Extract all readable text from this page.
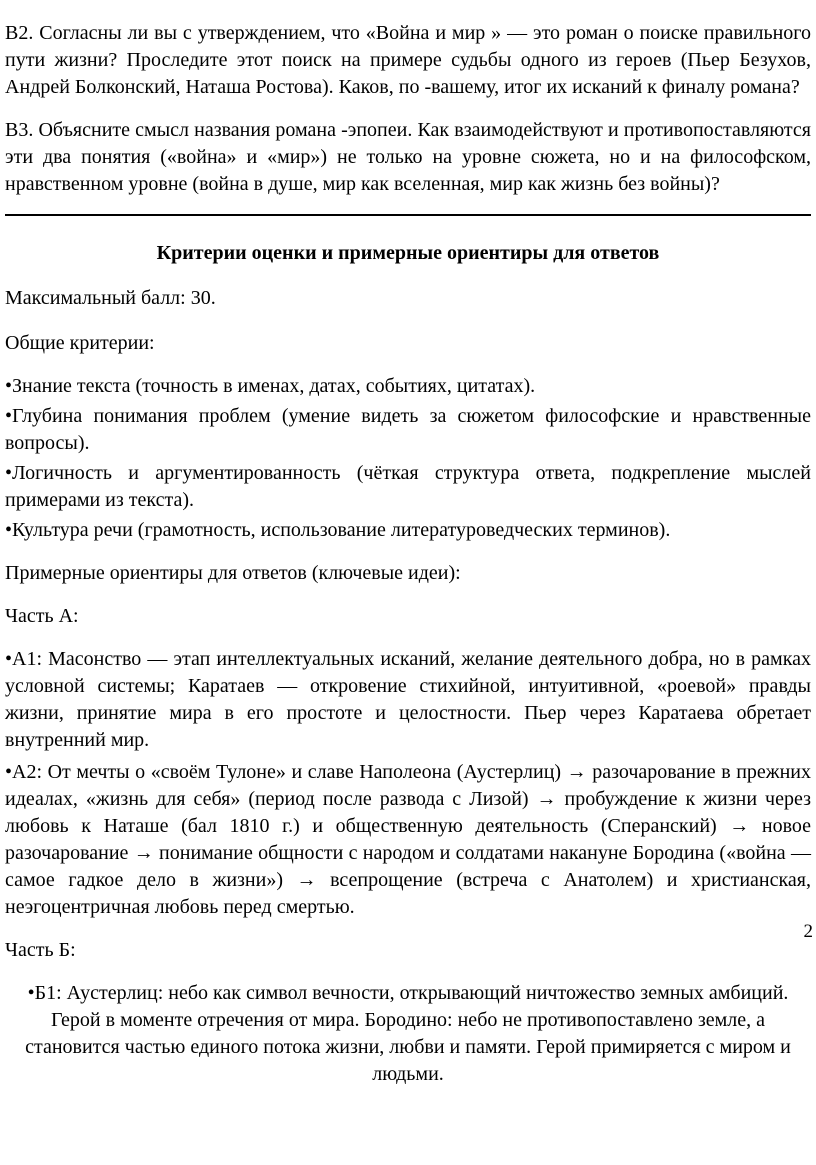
В2. Согласны ли вы с утверждением, что «Война и мир » — это роман о поиске правильного пути жизни? Проследите этот поиск на примере судьбы одного из героев (Пьер Безухов, Андрей Болконский, Наташа Ростова). Каков, по -вашему, итог их исканий к финалу романа?

В3. Объясните смысл названия романа -эпопеи. Как взаимодействуют и противопоставляются эти два понятия («война» и «мир») не только на уровне сюжета, но и на философском, нравственном уровне (война в душе, мир как вселенная, мир как жизнь без войны)?

Критерии оценки и примерные ориентиры для ответов

Максимальный балл: 30.

Общие критерии:

•Знание текста (точность в именах, датах, событиях, цитатах).

•Глубина понимания проблем (умение видеть за сюжетом философские и нравственные вопросы).

•Логичность и аргументированность (чёткая структура ответа, подкрепление мыслей примерами из текста).

•Культура речи (грамотность, использование литературоведческих терминов).

Примерные ориентиры для ответов (ключевые идеи):

Часть А:

•А1: Масонство — этап интеллектуальных исканий, желание деятельного добра, но в рамках условной системы; Каратаев — откровение стихийной, интуитивной, «роевой» правды жизни, принятие мира в его простоте и целостности. Пьер через Каратаева обретает внутренний мир.

•А2: От мечты о «своём Тулоне» и славе Наполеона (Аустерлиц) → разочарование в прежних идеалах, «жизнь для себя» (период после развода с Лизой) → пробуждение к жизни через любовь к Наташе (бал 1810 г.) и общественную деятельность (Сперанский) → новое разочарование → понимание общности с народом и солдатами накануне Бородина («война — самое гадкое дело в жизни») → всепрощение (встреча с Анатолем) и христианская, неэгоцентричная любовь перед смертью.

Часть Б:

•Б1: Аустерлиц: небо как символ вечности, открывающий ничтожество земных амбиций. Герой в моменте отречения от мира. Бородино: небо не противопоставлено земле, а становится частью единого потока жизни, любви и памяти. Герой примиряется с миром и людьми.

2
